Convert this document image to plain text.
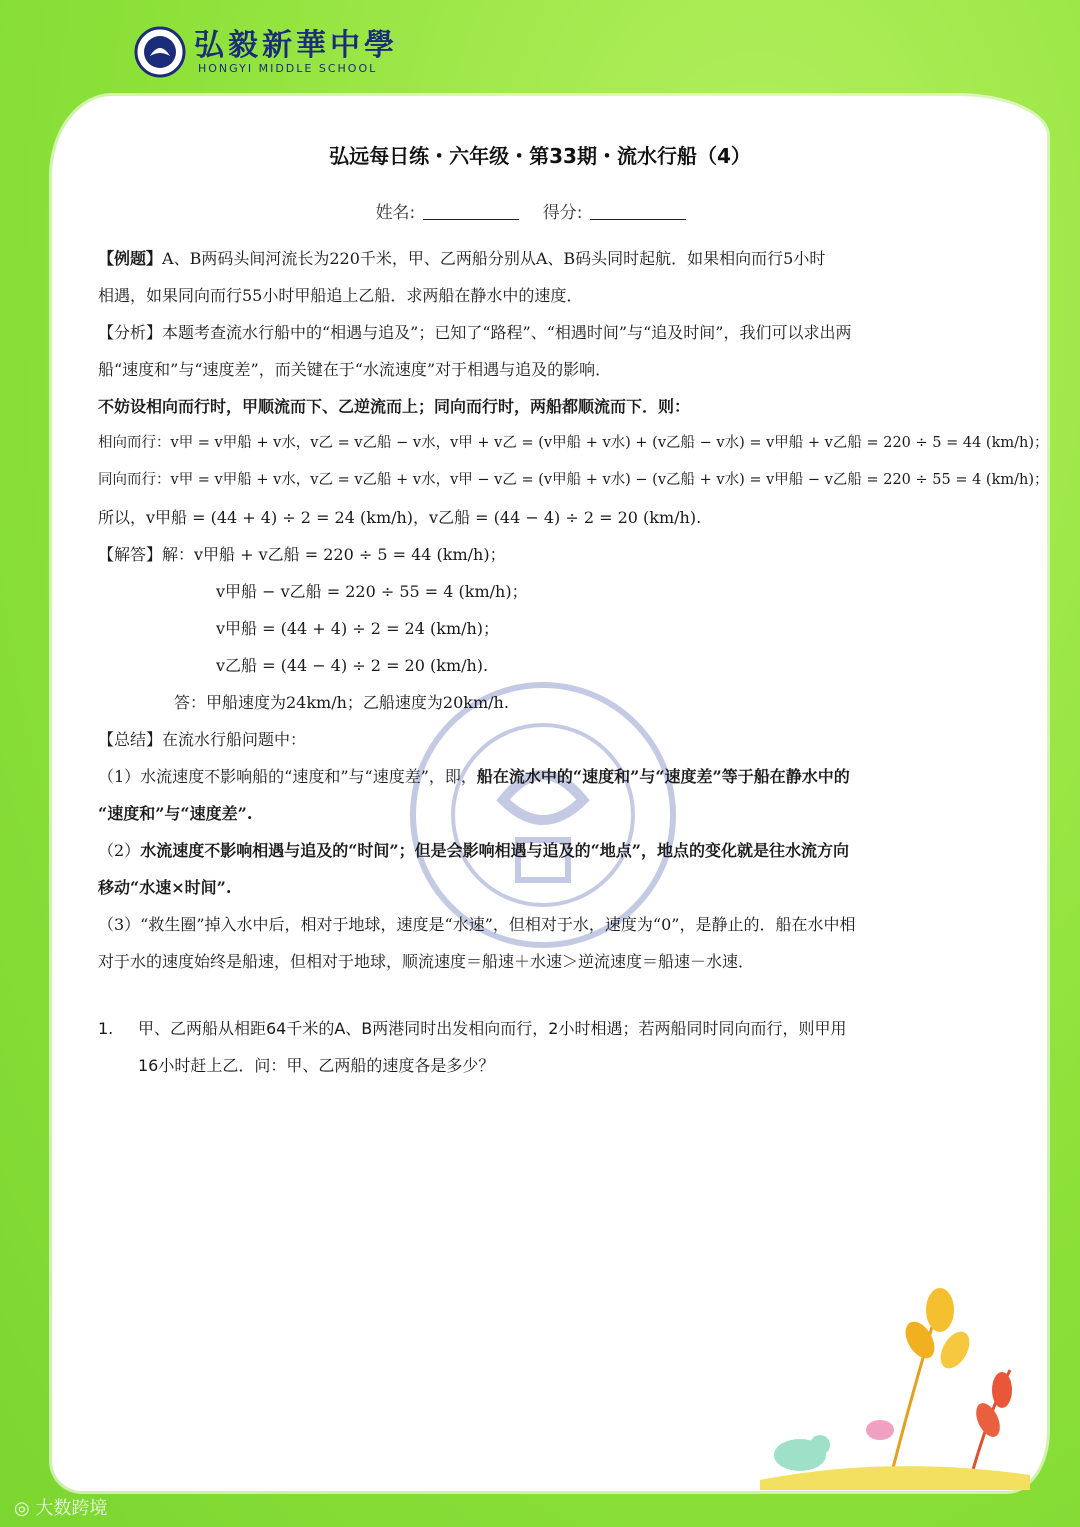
弘毅新華中學
HONGYI MIDDLE SCHOOL
弘远每日练・六年级・第33期・流水行船（4）
姓名:	得分:

【例题】A、B两码头间河流长为220千米，甲、乙两船分别从A、B码头同时起航．如果相向而行5小时

相遇，如果同向而行55小时甲船追上乙船．求两船在静水中的速度．

【分析】本题考查流水行船中的“相遇与追及”；已知了“路程”、“相遇时间”与“追及时间”，我们可以求出两

船“速度和”与“速度差”，而关键在于“水流速度”对于相遇与追及的影响．

不妨设相向而行时，甲顺流而下、乙逆流而上；同向而行时，两船都顺流而下．则：

相向而行：v甲 = v甲船 + v水，v乙 = v乙船 − v水，v甲 + v乙 = (v甲船 + v水) + (v乙船 − v水) = v甲船 + v乙船 = 220 ÷ 5 = 44 (km/h)；

同向而行：v甲 = v甲船 + v水，v乙 = v乙船 + v水，v甲 − v乙 = (v甲船 + v水) − (v乙船 + v水) = v甲船 − v乙船 = 220 ÷ 55 = 4 (km/h)；

所以，v甲船 = (44 + 4) ÷ 2 = 24 (km/h)，v乙船 = (44 − 4) ÷ 2 = 20 (km/h).

【解答】解：v甲船 + v乙船 = 220 ÷ 5 = 44 (km/h)；

v甲船 − v乙船 = 220 ÷ 55 = 4 (km/h)；

v甲船 = (44 + 4) ÷ 2 = 24 (km/h)；

v乙船 = (44 − 4) ÷ 2 = 20 (km/h).

答：甲船速度为24km/h；乙船速度为20km/h.

【总结】在流水行船问题中：

（1）水流速度不影响船的“速度和”与“速度差”，即，船在流水中的“速度和”与“速度差”等于船在静水中的

“速度和”与“速度差”.

（2）水流速度不影响相遇与追及的“时间”；但是会影响相遇与追及的“地点”，地点的变化就是往水流方向

移动“水速×时间”.

（3）“救生圈”掉入水中后，相对于地球，速度是“水速”，但相对于水，速度为“0”，是静止的．船在水中相

对于水的速度始终是船速，但相对于地球，顺流速度＝船速＋水速＞逆流速度＝船速－水速．

1.	甲、乙两船从相距64千米的A、B两港同时出发相向而行，2小时相遇；若两船同时同向而行，则甲用

16小时赶上乙．问：甲、乙两船的速度各是多少？

◎ 大数跨境
